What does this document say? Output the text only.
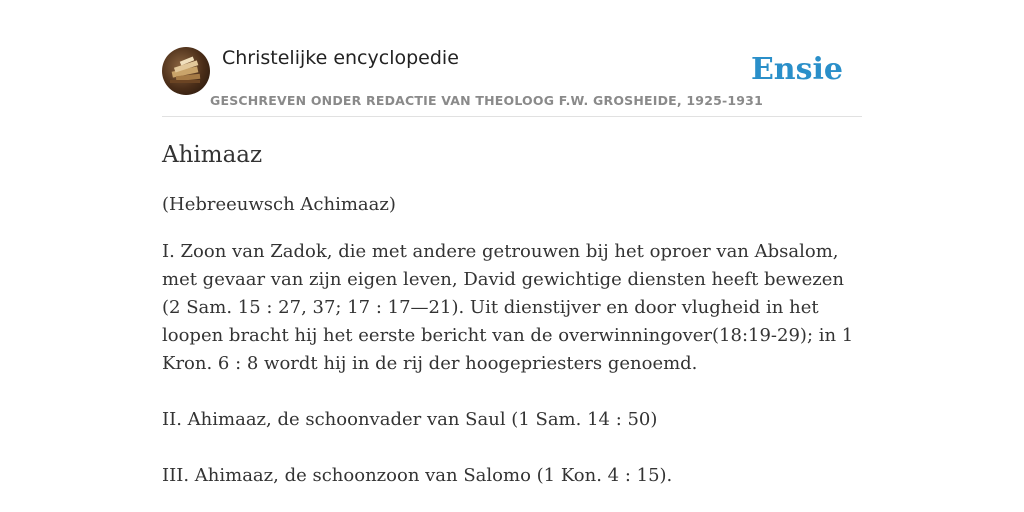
Christelijke encyclopedie
GESCHREVEN ONDER REDACTIE VAN THEOLOOG F.W. GROSHEIDE, 1925-1931
Ensie
Ahimaaz

(Hebreeuwsch Achimaaz)

I. Zoon van Zadok, die met andere getrouwen bij het oproer van Absalom, met gevaar van zijn eigen leven, David gewichtige diensten heeft bewezen (2 Sam. 15 : 27, 37; 17 : 17—21). Uit dienstijver en door vlugheid in het loopen bracht hij het eerste bericht van de overwinningover(18:19-29); in 1 Kron. 6 : 8 wordt hij in de rij der hoogepriesters genoemd.

II. Ahimaaz, de schoonvader van Saul (1 Sam. 14 : 50)

III. Ahimaaz, de schoonzoon van Salomo (1 Kon. 4 : 15).
